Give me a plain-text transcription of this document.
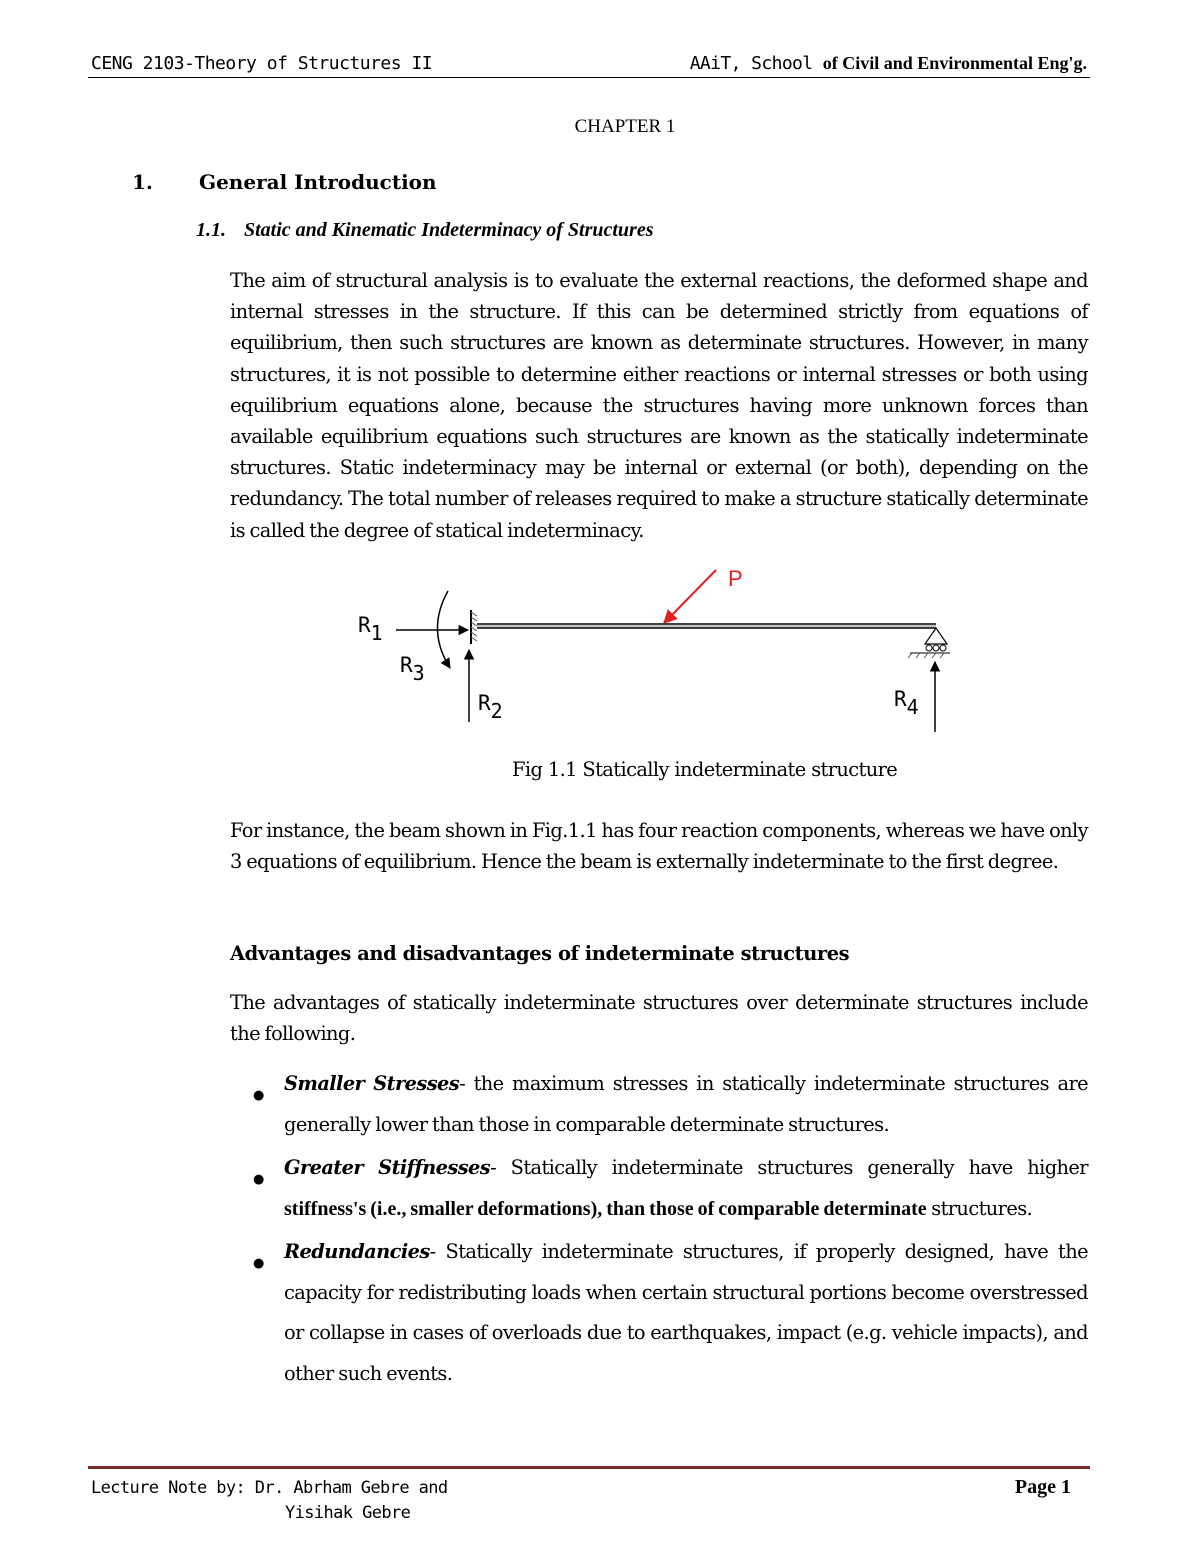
CENG 2103-Theory of Structures II	AAiT, School of Civil and Environmental Eng'g.
CHAPTER 1
1. General Introduction
1.1. Static and Kinematic Indeterminacy of Structures
The aim of structural analysis is to evaluate the external reactions, the deformed shape and internal stresses in the structure. If this can be determined strictly from equations of equilibrium, then such structures are known as determinate structures. However, in many structures, it is not possible to determine either reactions or internal stresses or both using equilibrium equations alone, because the structures having more unknown forces than available equilibrium equations such structures are known as the statically indeterminate structures. Static indeterminacy may be internal or external (or both), depending on the redundancy. The total number of releases required to make a structure statically determinate is called the degree of statical indeterminacy.
P
R1
R3
R2	R4
Fig 1.1 Statically indeterminate structure
For instance, the beam shown in Fig.1.1 has four reaction components, whereas we have only 3 equations of equilibrium. Hence the beam is externally indeterminate to the first degree.
Advantages and disadvantages of indeterminate structures
The advantages of statically indeterminate structures over determinate structures include the following.
●
Smaller Stresses- the maximum stresses in statically indeterminate structures are generally lower than those in comparable determinate structures.
●
Greater Stiffnesses- Statically indeterminate structures generally have higher stiffness's (i.e., smaller deformations), than those of comparable determinate structures.
●
Redundancies- Statically indeterminate structures, if properly designed, have the capacity for redistributing loads when certain structural portions become overstressed or collapse in cases of overloads due to earthquakes, impact (e.g. vehicle impacts), and other such events.
Lecture Note by: Dr. Abrham Gebre and
Yisihak Gebre
Page 1
